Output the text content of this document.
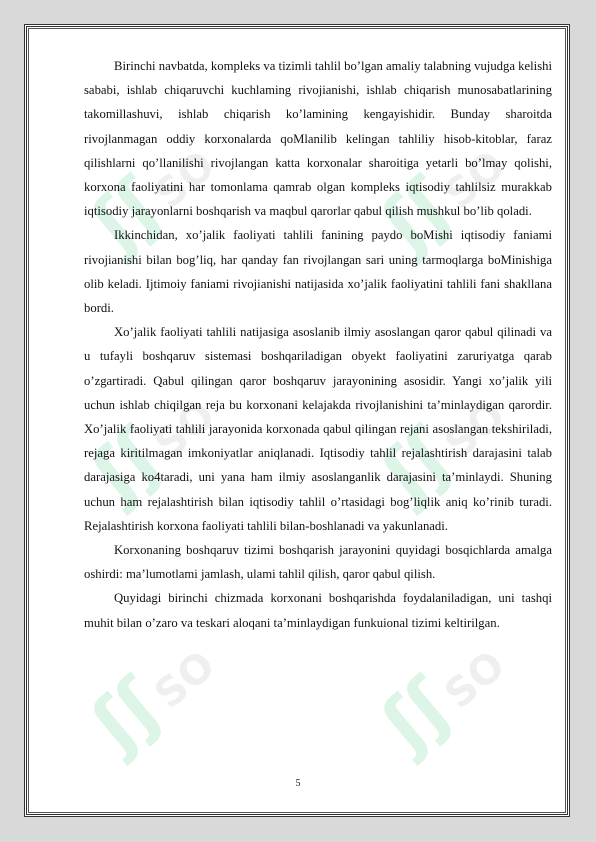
Birinchi navbatda, kompleks va tizimli tahlil bo’lgan amaliy talabning vujudga kelishi sababi, ishlab chiqaruvchi kuchlaming rivojianishi, ishlab chiqarish munosabatlarining takomillashuvi, ishlab chiqarish ko’lamining kengayishidir. Bunday sharoitda rivojlanmagan oddiy korxonalarda qoMlanilib kelingan tahliliy hisob-kitoblar, faraz qilishlarni qo’llanilishi rivojlangan katta korxonalar sharoitiga yetarli bo’lmay qolishi, korxona faoliyatini har tomonlama qamrab olgan kompleks iqtisodiy tahlilsiz murakkab iqtisodiy jarayonlarni boshqarish va maqbul qarorlar qabul qilish mushkul bo’lib qoladi.

Ikkinchidan, xo’jalik faoliyati tahlili fanining paydo boMishi iqtisodiy faniami rivojianishi bilan bog’liq, har qanday fan rivojlangan sari uning tarmoqlarga boMinishiga olib keladi. Ijtimoiy faniami rivojianishi natijasida xo’jalik faoliyatini tahlili fani shakllana bordi.

Xo’jalik faoliyati tahlili natijasiga asoslanib ilmiy asoslangan qaror qabul qilinadi va u tufayli boshqaruv sistemasi boshqariladigan obyekt faoliyatini zaruriyatga qarab o’zgartiradi. Qabul qilingan qaror boshqaruv jarayonining asosidir. Yangi xo’jalik yili uchun ishlab chiqilgan reja bu korxonani kelajakda rivojlanishini ta’minlaydigan qarordir. Xo’jalik faoliyati tahlili jarayonida korxonada qabul qilingan rejani asoslangan tekshiriladi, rejaga kiritilmagan imkoniyatlar aniqlanadi. Iqtisodiy tahlil rejalashtirish darajasini talab darajasiga ko4taradi, uni yana ham ilmiy asoslanganlik darajasini ta’minlaydi. Shuning uchun ham rejalashtirish bilan iqtisodiy tahlil o’rtasidagi bog’liqlik aniq ko’rinib turadi. Rejalashtirish korxona faoliyati tahlili bilan-boshlanadi va yakunlanadi.

Korxonaning boshqaruv tizimi boshqarish jarayonini quyidagi bosqichlarda amalga oshirdi: ma’lumotlami jamlash, ulami tahlil qilish, qaror qabul qilish.

Quyidagi birinchi chizmada korxonani boshqarishda foydalaniladigan, uni tashqi muhit bilan o’zaro va teskari aloqani ta’minlaydigan funkuional tizimi keltirilgan.

5
